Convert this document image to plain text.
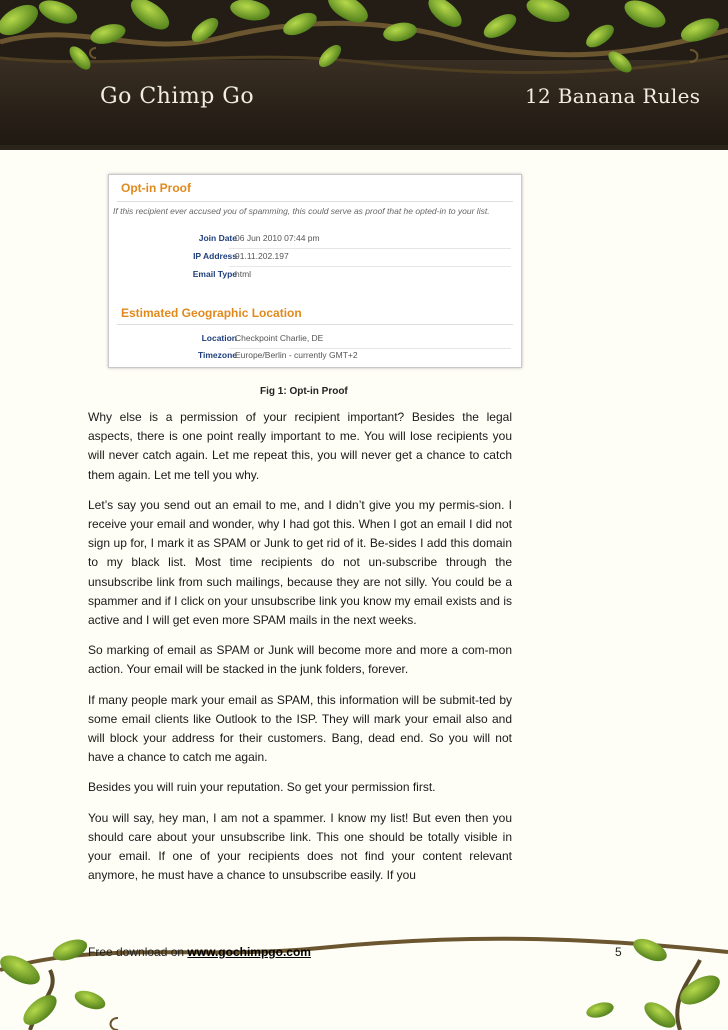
Go Chimp Go	12 Banana Rules
Opt-in Proof
If this recipient ever accused you of spamming, this could serve as proof that he opted-in to your list.
Join Date
06 Jun 2010 07:44 pm
IP Address
91.11.202.197
Email Type
html
Estimated Geographic Location
Location
Checkpoint Charlie, DE
Timezone
Europe/Berlin - currently GMT+2
Fig 1: Opt-in Proof

Why else is a permission of your recipient important? Besides the legal aspects, there is one point really important to me. You will lose recipients you will never catch again. Let me repeat this, you will never get a chance to catch them again. Let me tell you why.

Let’s say you send out an email to me, and I didn’t give you my permis-sion. I receive your email and wonder, why I had got this. When I got an email I did not sign up for, I mark it as SPAM or Junk to get rid of it. Be-sides I add this domain to my black list. Most time recipients do not un-subscribe through the unsubscribe link from such mailings, because they are not silly. You could be a spammer and if I click on your unsubscribe link you know my email exists and is active and I will get even more SPAM mails in the next weeks.

So marking of email as SPAM or Junk will become more and more a com-mon action. Your email will be stacked in the junk folders, forever.

If many people mark your email as SPAM, this information will be submit-ted by some email clients like Outlook to the ISP. They will mark your email also and will block your address for their customers. Bang, dead end. So you will not have a chance to catch me again.

Besides you will ruin your reputation. So get your permission first.

You will say, hey man, I am not a spammer. I know my list! But even then you should care about your unsubscribe link. This one should be totally visible in your email. If one of your recipients does not find your content relevant anymore, he must have a chance to unsubscribe easily. If you

Free download on www.gochimpgo.com	5
